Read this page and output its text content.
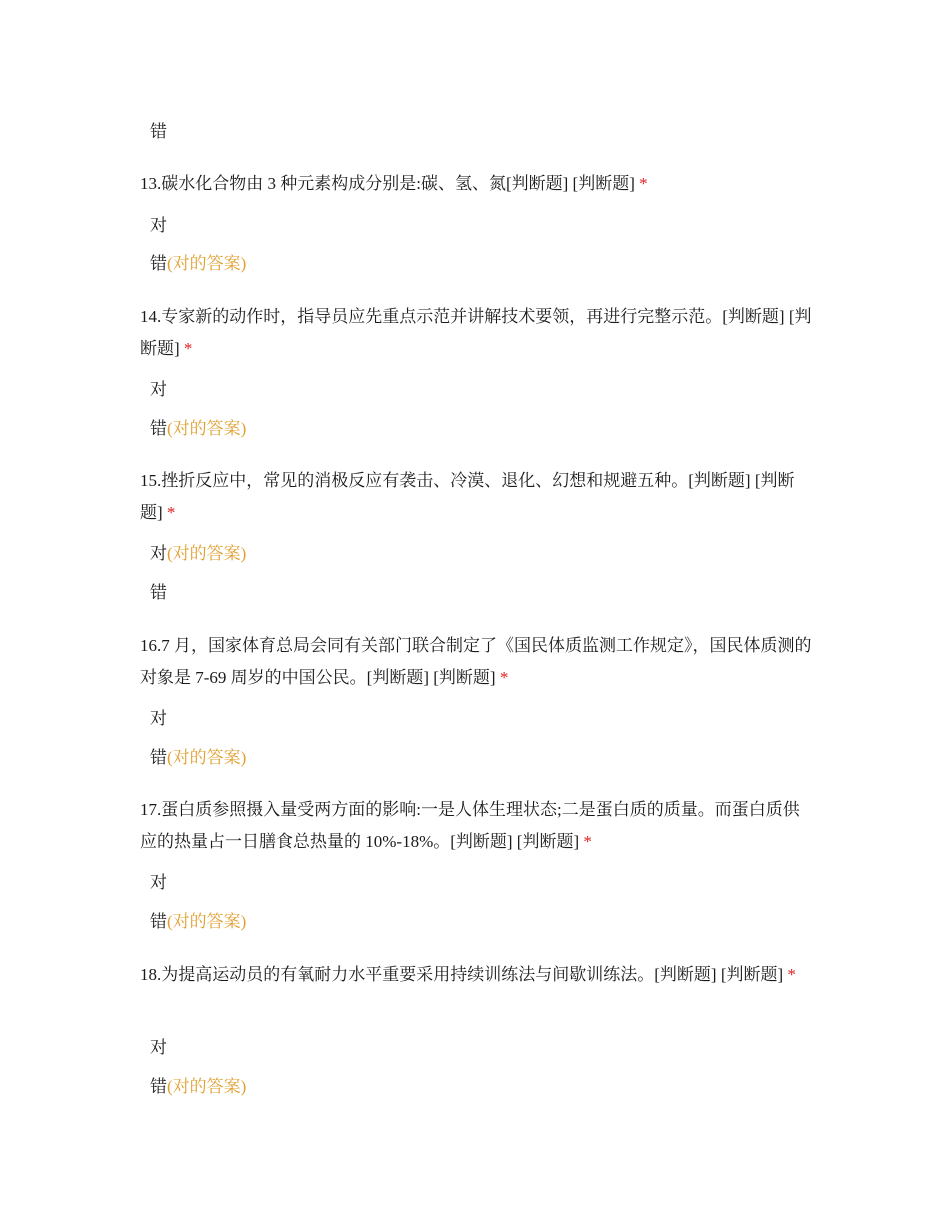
错
13.碳水化合物由 3 种元素构成分别是:碳、氢、氮[判断题] [判断题] *
对
错(对的答案)
14.专家新的动作时，指导员应先重点示范并讲解技术要领，再进行完整示范。[判断题] [判断题] *
对
错(对的答案)
15.挫折反应中，常见的消极反应有袭击、冷漠、退化、幻想和规避五种。[判断题] [判断题] *
对(对的答案)
错
16.7 月，国家体育总局会同有关部门联合制定了《国民体质监测工作规定》，国民体质测的对象是 7-69 周岁的中国公民。[判断题] [判断题] *
对
错(对的答案)
17.蛋白质参照摄入量受两方面的影响:一是人体生理状态;二是蛋白质的质量。而蛋白质供应的热量占一日膳食总热量的 10%-18%。[判断题] [判断题] *
对
错(对的答案)
18.为提高运动员的有氧耐力水平重要采用持续训练法与间歇训练法。[判断题] [判断题] *
对
错(对的答案)
